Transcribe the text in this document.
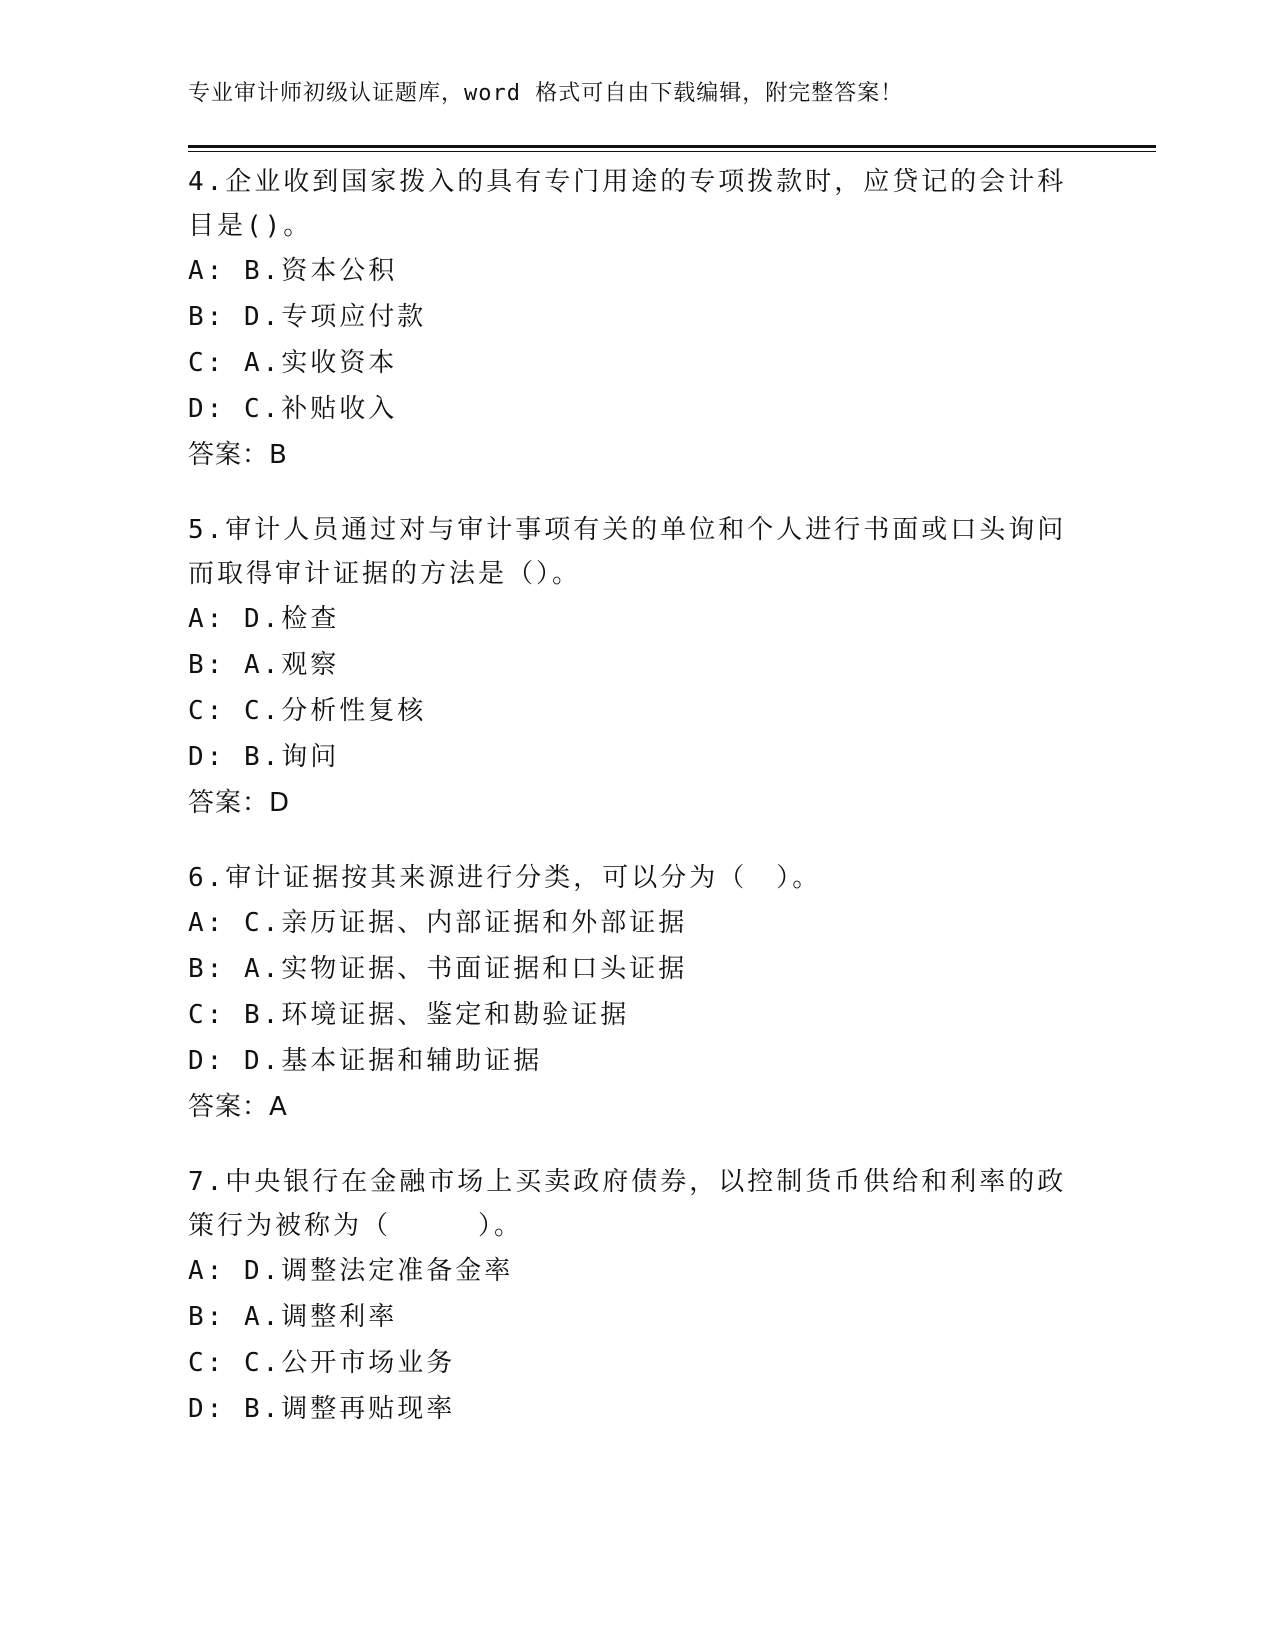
专业审计师初级认证题库，word 格式可自由下载编辑，附完整答案！

4.企业收到国家拨入的具有专门用途的专项拨款时，应贷记的会计科目是()。

A: B.资本公积
B: D.专项应付款
C: A.实收资本
D: C.补贴收入
答案：B

5.审计人员通过对与审计事项有关的单位和个人进行书面或口头询问而取得审计证据的方法是（）。

A: D.检查
B: A.观察
C: C.分析性复核
D: B.询问
答案：D

6.审计证据按其来源进行分类，可以分为（　）。

A: C.亲历证据、内部证据和外部证据
B: A.实物证据、书面证据和口头证据
C: B.环境证据、鉴定和勘验证据
D: D.基本证据和辅助证据
答案：A

7.中央银行在金融市场上买卖政府债券，以控制货币供给和利率的政策行为被称为（　　　）。

A: D.调整法定准备金率
B: A.调整利率
C: C.公开市场业务
D: B.调整再贴现率
